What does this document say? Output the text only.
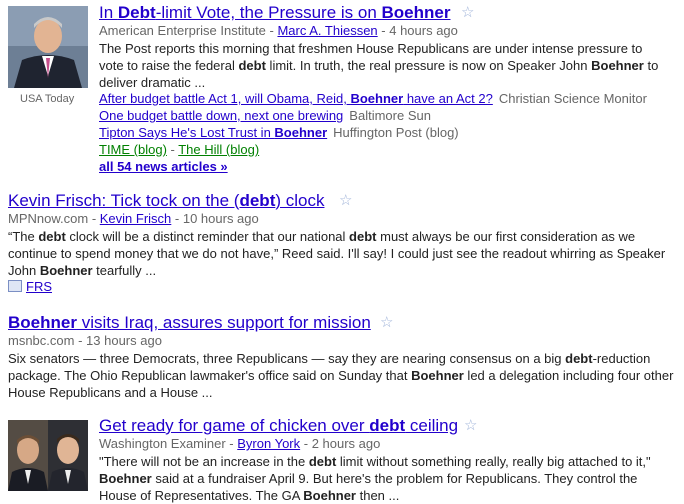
USA Today
In Debt-limit Vote, the Pressure is on Boehner ☆
American Enterprise Institute - Marc A. Thiessen - 4 hours ago
The Post reports this morning that freshmen House Republicans are under intense pressure to vote to raise the federal debt limit. In truth, the real pressure is now on Speaker John Boehner to deliver dramatic ...
After budget battle Act 1, will Obama, Reid, Boehner have an Act 2? Christian Science Monitor
One budget battle down, next one brewing Baltimore Sun
Tipton Says He's Lost Trust in Boehner Huffington Post (blog)
TIME (blog) - The Hill (blog)
all 54 news articles »
Kevin Frisch: Tick tock on the (debt) clock ☆
MPNnow.com - Kevin Frisch - 10 hours ago
“The debt clock will be a distinct reminder that our national debt must always be our first consideration as we continue to spend money that we do not have,” Reed said. I'll say! I could just see the readout whirring as Speaker John Boehner tearfully ...
FRS
Boehner visits Iraq, assures support for mission ☆
msnbc.com - 13 hours ago
Six senators — three Democrats, three Republicans — say they are nearing consensus on a big debt-reduction package. The Ohio Republican lawmaker's office said on Sunday that Boehner led a delegation including four other House Republicans and a House ...
Get ready for game of chicken over debt ceiling ☆
Washington Examiner - Byron York - 2 hours ago
"There will not be an increase in the debt limit without something really, really big attached to it," Boehner said at a fundraiser April 9. But here's the problem for Republicans. They control the House of Representatives. The GA Boehner then ...
